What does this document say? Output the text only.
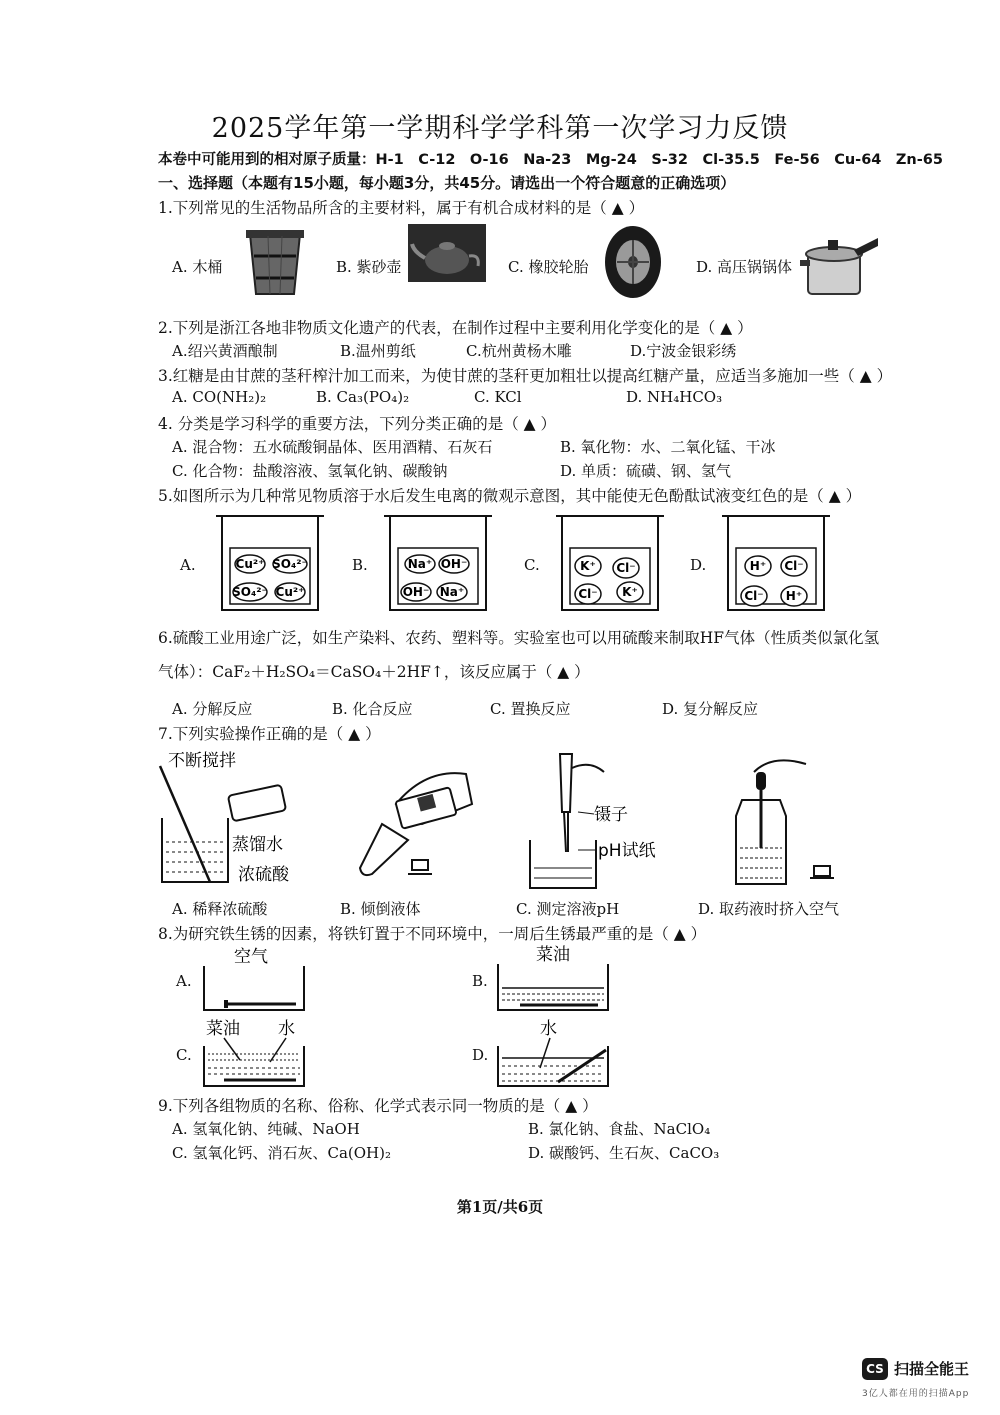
2025学年第一学期科学学科第一次学习力反馈
本卷中可能用到的相对原子质量：H-1　C-12　O-16　Na-23　Mg-24　S-32　Cl-35.5　Fe-56　Cu-64　Zn-65
一、选择题（本题有15小题，每小题3分，共45分。请选出一个符合题意的正确选项）
1.下列常见的生活物品所含的主要材料，属于有机合成材料的是（ ▲ ）
A. 木桶	B. 紫砂壶	C. 橡胶轮胎	D. 高压锅锅体
2.下列是浙江各地非物质文化遗产的代表，在制作过程中主要利用化学变化的是（ ▲ ）
A.绍兴黄酒酿制	B.温州剪纸	C.杭州黄杨木雕	D.宁波金银彩绣
3.红糖是由甘蔗的茎秆榨汁加工而来，为使甘蔗的茎秆更加粗壮以提高红糖产量，应适当多施加一些（ ▲ ）
A. CO(NH₂)₂	B. Ca₃(PO₄)₂	C. KCl	D. NH₄HCO₃
4. 分类是学习科学的重要方法，下列分类正确的是（ ▲ ）
A. 混合物：五水硫酸铜晶体、医用酒精、石灰石	B. 氧化物：水、二氧化锰、干冰
C. 化合物：盐酸溶液、氢氧化钠、碳酸钠	D. 单质：硫磺、钢、氢气
5.如图所示为几种常见物质溶于水后发生电离的微观示意图，其中能使无色酚酞试液变红色的是（ ▲ ）
A.	B.	C.	D.
Cu²⁺ SO₄²⁻
SO₄²⁻ Cu²⁺
Na⁺ OH⁻
OH⁻ Na⁺
K⁺ Cl⁻
Cl⁻ K⁺
H⁺ Cl⁻
Cl⁻ H⁺
6.硫酸工业用途广泛，如生产染料、农药、塑料等。实验室也可以用硫酸来制取HF气体（性质类似氯化氢
气体）：CaF₂＋H₂SO₄＝CaSO₄＋2HF↑，该反应属于（ ▲ ）
A. 分解反应	B. 化合反应	C. 置换反应	D. 复分解反应
7.下列实验操作正确的是（ ▲ ）
不断搅拌
蒸馏水
浓硫酸
镊子
pH试纸
A. 稀释浓硫酸	B. 倾倒液体	C. 测定溶液pH	D. 取药液时挤入空气
8.为研究铁生锈的因素，将铁钉置于不同环境中，一周后生锈最严重的是（ ▲ ）
A.	B.
C.	D.
空气	菜油
菜油 水	水
9.下列各组物质的名称、俗称、化学式表示同一物质的是（ ▲ ）
A. 氢氧化钠、纯碱、NaOH	B. 氯化钠、食盐、NaClO₄
C. 氢氧化钙、消石灰、Ca(OH)₂	D. 碳酸钙、生石灰、CaCO₃
第1页/共6页
CS 扫描全能王
3亿人都在用的扫描App
